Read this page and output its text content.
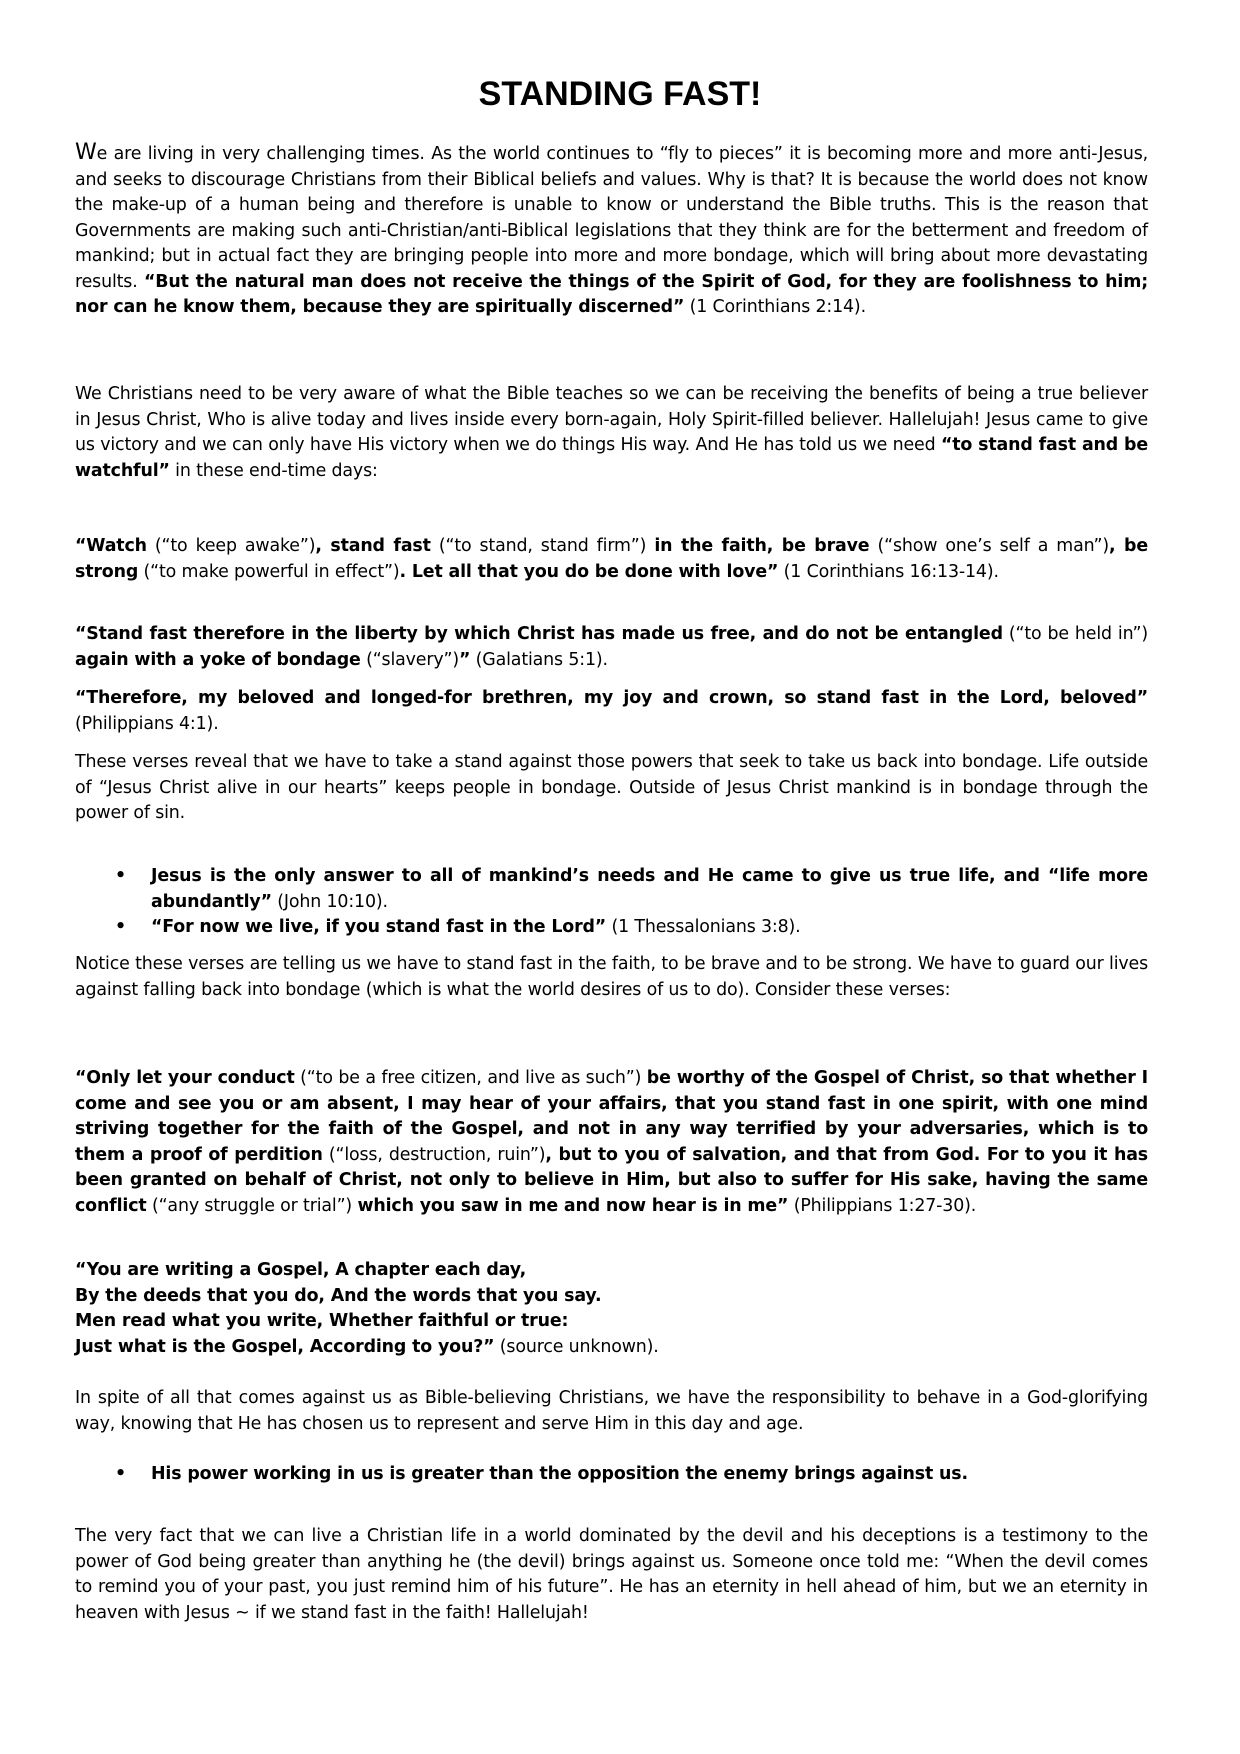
STANDING FAST!

We are living in very challenging times. As the world continues to “fly to pieces” it is becoming more and more anti-Jesus, and seeks to discourage Christians from their Biblical beliefs and values. Why is that? It is because the world does not know the make-up of a human being and therefore is unable to know or understand the Bible truths. This is the reason that Governments are making such anti-Christian/anti-Biblical legislations that they think are for the betterment and freedom of mankind; but in actual fact they are bringing people into more and more bondage, which will bring about more devastating results. “But the natural man does not receive the things of the Spirit of God, for they are foolishness to him; nor can he know them, because they are spiritually discerned” (1 Corinthians 2:14).

We Christians need to be very aware of what the Bible teaches so we can be receiving the benefits of being a true believer in Jesus Christ, Who is alive today and lives inside every born-again, Holy Spirit-filled believer. Hallelujah! Jesus came to give us victory and we can only have His victory when we do things His way. And He has told us we need “to stand fast and be watchful” in these end-time days:

“Watch (“to keep awake”), stand fast (“to stand, stand firm”) in the faith, be brave (“show one’s self a man”), be strong (“to make powerful in effect”). Let all that you do be done with love” (1 Corinthians 16:13-14).

“Stand fast therefore in the liberty by which Christ has made us free, and do not be entangled (“to be held in”) again with a yoke of bondage (“slavery”)” (Galatians 5:1).

“Therefore, my beloved and longed-for brethren, my joy and crown, so stand fast in the Lord, beloved” (Philippians 4:1).

These verses reveal that we have to take a stand against those powers that seek to take us back into bondage. Life outside of “Jesus Christ alive in our hearts” keeps people in bondage. Outside of Jesus Christ mankind is in bondage through the power of sin.

• Jesus is the only answer to all of mankind’s needs and He came to give us true life, and “life more abundantly” (John 10:10).
• “For now we live, if you stand fast in the Lord” (1 Thessalonians 3:8).

Notice these verses are telling us we have to stand fast in the faith, to be brave and to be strong. We have to guard our lives against falling back into bondage (which is what the world desires of us to do). Consider these verses:

“Only let your conduct (“to be a free citizen, and live as such”) be worthy of the Gospel of Christ, so that whether I come and see you or am absent, I may hear of your affairs, that you stand fast in one spirit, with one mind striving together for the faith of the Gospel, and not in any way terrified by your adversaries, which is to them a proof of perdition (“loss, destruction, ruin”), but to you of salvation, and that from God. For to you it has been granted on behalf of Christ, not only to believe in Him, but also to suffer for His sake, having the same conflict (“any struggle or trial”) which you saw in me and now hear is in me” (Philippians 1:27-30).

“You are writing a Gospel, A chapter each day,
By the deeds that you do, And the words that you say.
Men read what you write, Whether faithful or true:
Just what is the Gospel, According to you?” (source unknown).

In spite of all that comes against us as Bible-believing Christians, we have the responsibility to behave in a God-glorifying way, knowing that He has chosen us to represent and serve Him in this day and age.

• His power working in us is greater than the opposition the enemy brings against us.

The very fact that we can live a Christian life in a world dominated by the devil and his deceptions is a testimony to the power of God being greater than anything he (the devil) brings against us. Someone once told me: “When the devil comes to remind you of your past, you just remind him of his future”. He has an eternity in hell ahead of him, but we an eternity in heaven with Jesus ~ if we stand fast in the faith! Hallelujah!
